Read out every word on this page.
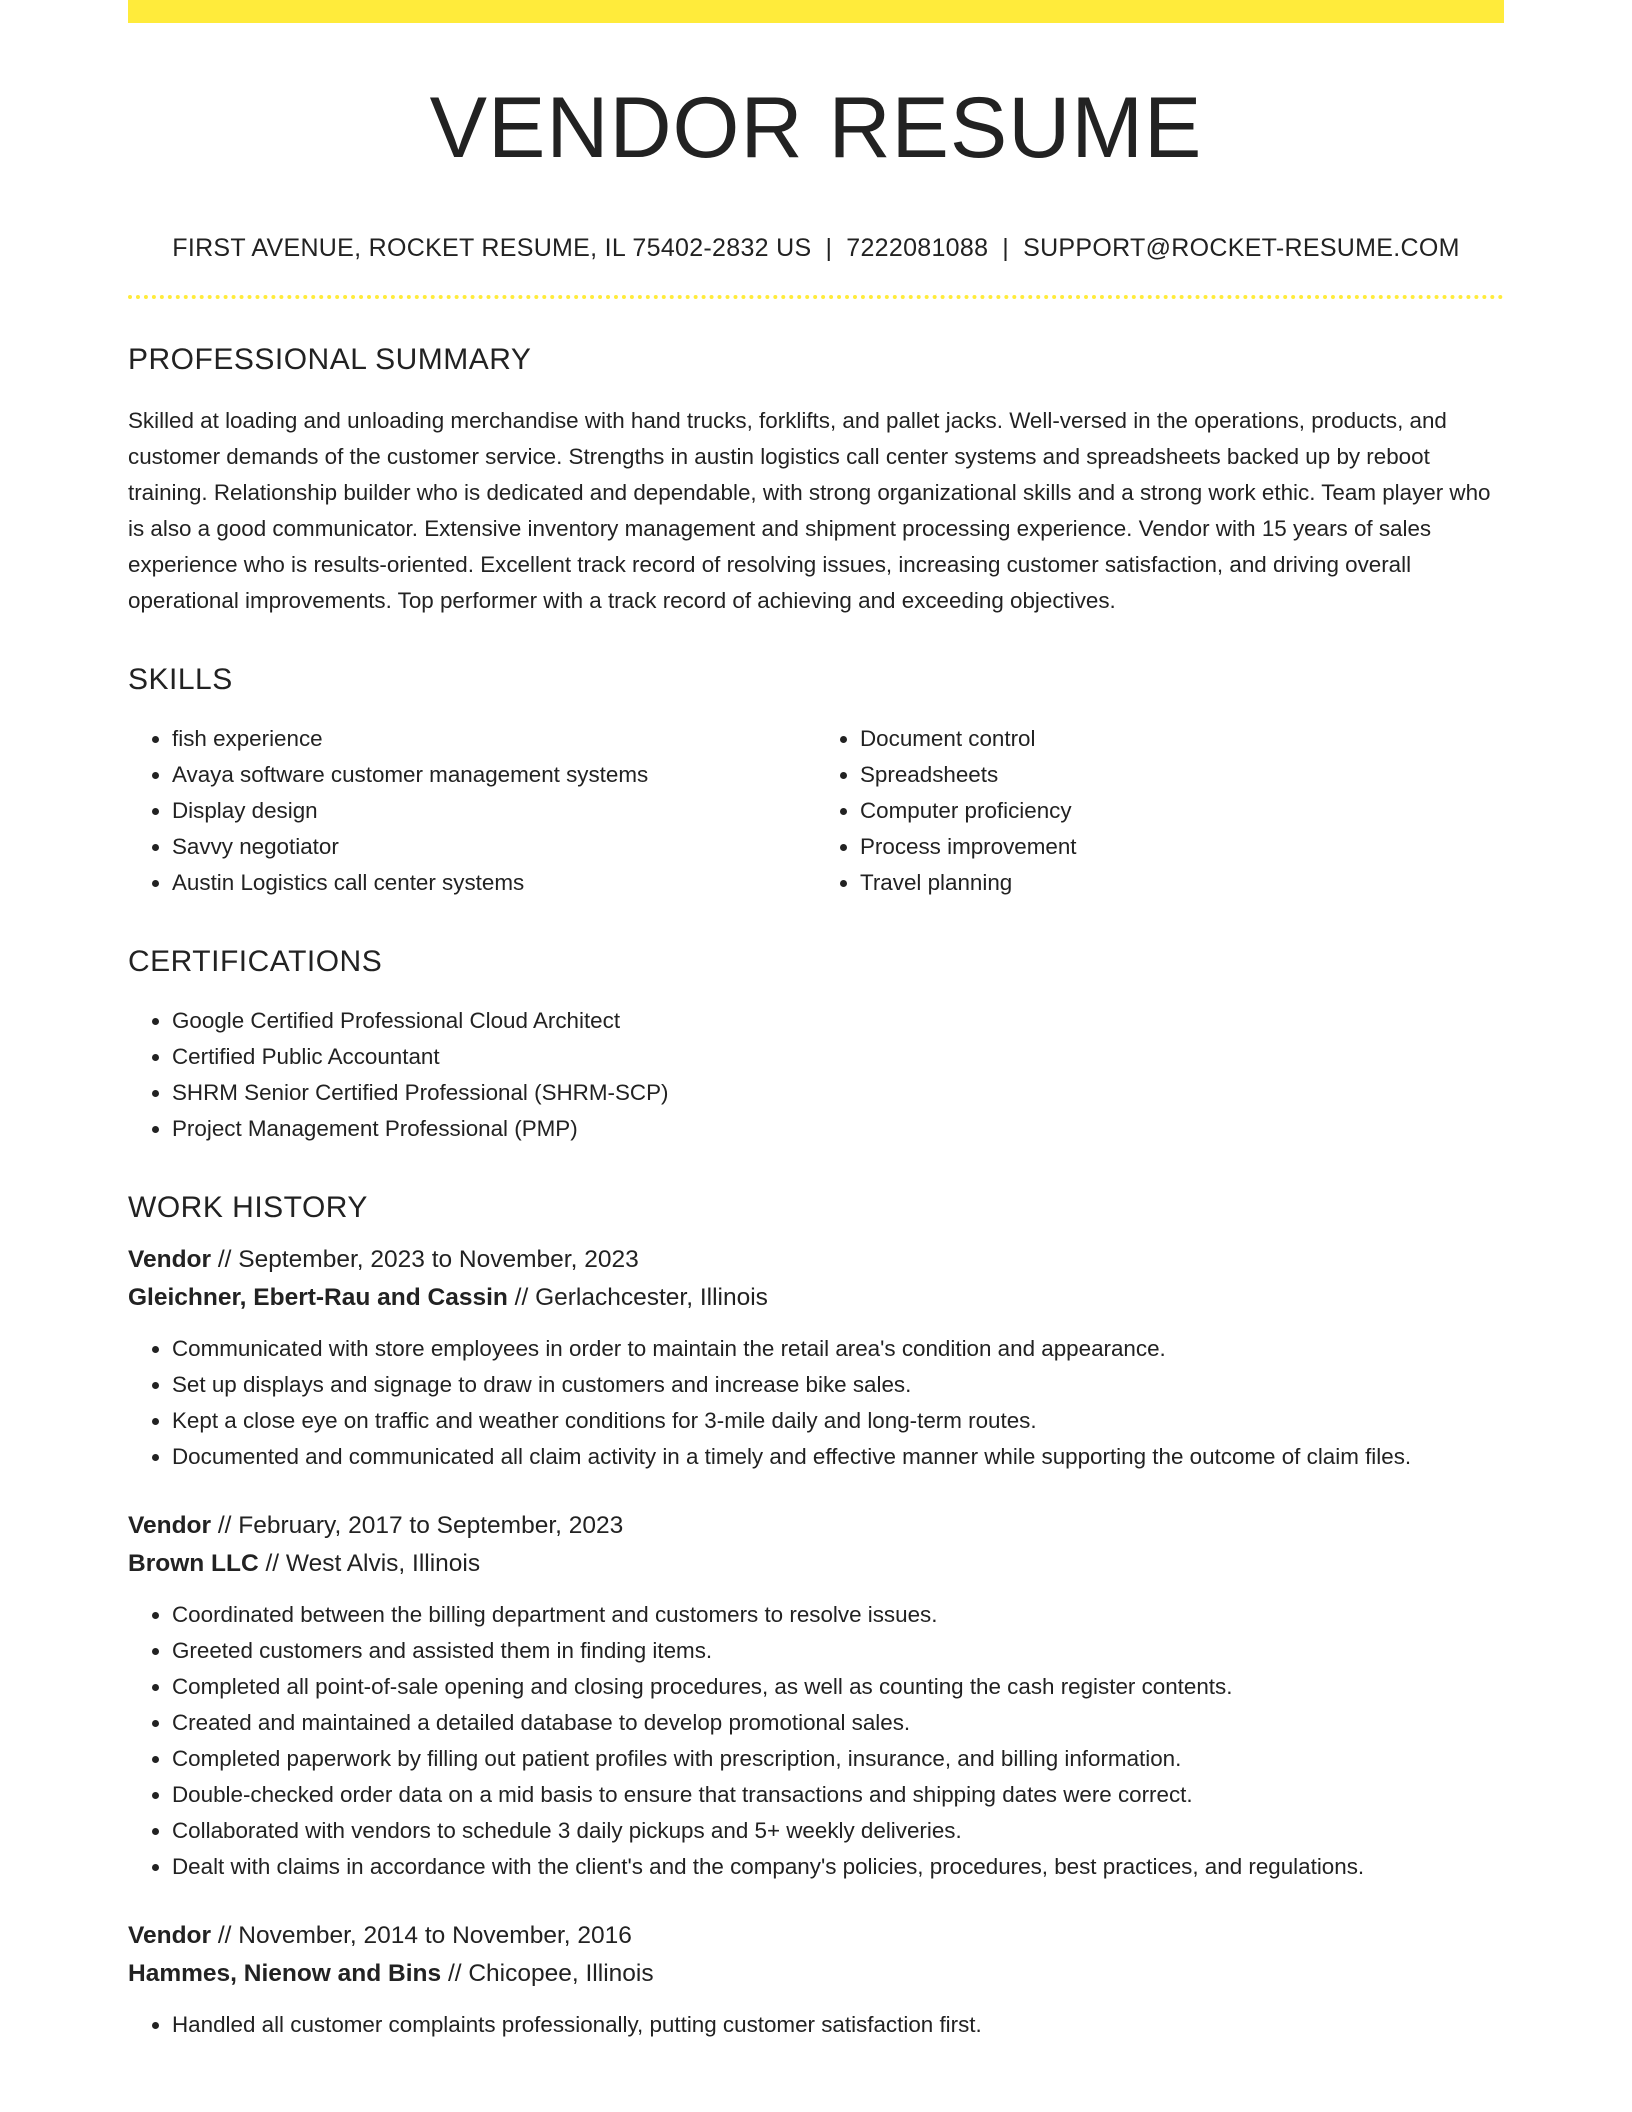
VENDOR RESUME
FIRST AVENUE, ROCKET RESUME, IL 75402-2832 US | 7222081088 | SUPPORT@ROCKET-RESUME.COM
PROFESSIONAL SUMMARY

Skilled at loading and unloading merchandise with hand trucks, forklifts, and pallet jacks. Well-versed in the operations, products, and customer demands of the customer service. Strengths in austin logistics call center systems and spreadsheets backed up by reboot training. Relationship builder who is dedicated and dependable, with strong organizational skills and a strong work ethic. Team player who is also a good communicator. Extensive inventory management and shipment processing experience. Vendor with 15 years of sales experience who is results-oriented. Excellent track record of resolving issues, increasing customer satisfaction, and driving overall operational improvements. Top performer with a track record of achieving and exceeding objectives.

SKILLS
• fish experience
• Avaya software customer management systems
• Display design
• Savvy negotiator
• Austin Logistics call center systems
• Document control
• Spreadsheets
• Computer proficiency
• Process improvement
• Travel planning
CERTIFICATIONS
• Google Certified Professional Cloud Architect
• Certified Public Accountant
• SHRM Senior Certified Professional (SHRM-SCP)
• Project Management Professional (PMP)
WORK HISTORY
Vendor // September, 2023 to November, 2023
Gleichner, Ebert-Rau and Cassin // Gerlachcester, Illinois
• Communicated with store employees in order to maintain the retail area's condition and appearance.
• Set up displays and signage to draw in customers and increase bike sales.
• Kept a close eye on traffic and weather conditions for 3-mile daily and long-term routes.
• Documented and communicated all claim activity in a timely and effective manner while supporting the outcome of claim files.
Vendor // February, 2017 to September, 2023
Brown LLC // West Alvis, Illinois
• Coordinated between the billing department and customers to resolve issues.
• Greeted customers and assisted them in finding items.
• Completed all point-of-sale opening and closing procedures, as well as counting the cash register contents.
• Created and maintained a detailed database to develop promotional sales.
• Completed paperwork by filling out patient profiles with prescription, insurance, and billing information.
• Double-checked order data on a mid basis to ensure that transactions and shipping dates were correct.
• Collaborated with vendors to schedule 3 daily pickups and 5+ weekly deliveries.
• Dealt with claims in accordance with the client's and the company's policies, procedures, best practices, and regulations.
Vendor // November, 2014 to November, 2016
Hammes, Nienow and Bins // Chicopee, Illinois
• Handled all customer complaints professionally, putting customer satisfaction first.
